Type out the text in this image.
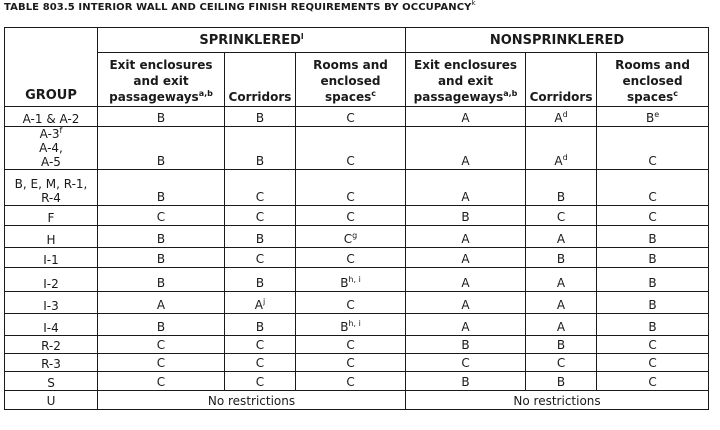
TABLE 803.5 INTERIOR WALL AND CEILING FINISH REQUIREMENTS BY OCCUPANCY$^k$
GROUP	SPRINKLERED$^l$			NONSPRINKLERED		
	Exit enclosures
and exit
passageways$^{a,b}$	Corridors	Rooms and
enclosed
spaces$^c$	Exit enclosures
and exit
passageways$^{a,b}$	Corridors	Rooms and
enclosed
spaces$^c$
A-1 & A-2	B	B	C	A	$A^d$	$B^e$
A-3$^f$
A-4,
A-5	B	B	C	A	$A^d$	C
B, E, M, R-1,
R-4	B	C	C	A	B	C
F	C	C	C	B	C	C
H	B	B	$C^g$	A	A	B
I-1	B	C	C	A	B	B
I-2	B	B	B$^{h, i}$	A	A	B
I-3	A	$A^j$	C	A	A	B
I-4	B	B	B$^{h, i}$	A	A	B
R-2	C	C	C	B	B	C
R-3	C	C	C	C	C	C
S	C	C	C	B	B	C
U	No restrictions			No restrictions		
